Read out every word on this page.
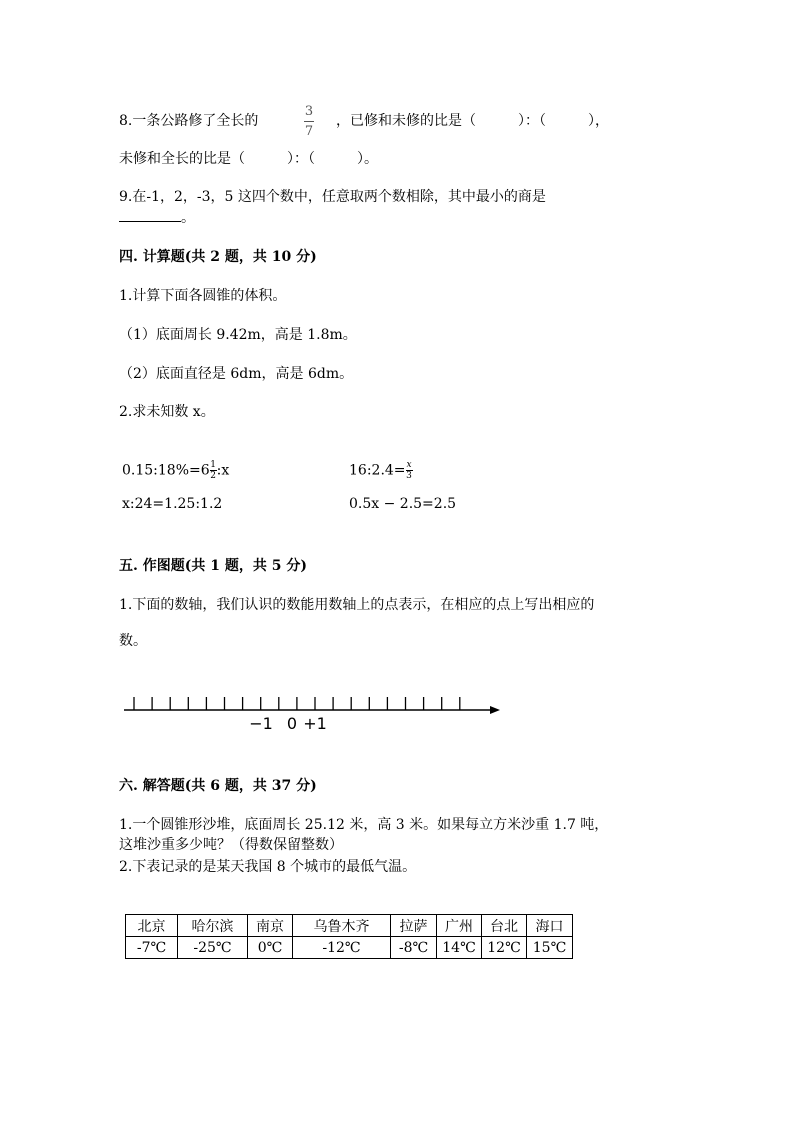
8.一条公路修了全长的
3
7
，已修和未修的比是（　　　）：（　　　），
未修和全长的比是（　　　）：（　　　）。
9.在-1，2，-3，5 这四个数中，任意取两个数相除，其中最小的商是
。
四. 计算题(共 2 题，共 10 分)
1.计算下面各圆锥的体积。
（1）底面周长 9.42m，高是 1.8m。
（2）底面直径是 6dm，高是 6dm。
2.求未知数 x。
0.15:18%=6 $\frac{1}{2}$ :x	16:2.4= $\frac{x}{3}$
x:24=1.25:1.2	0.5x − 2.5=2.5
五. 作图题(共 1 题，共 5 分)
1.下面的数轴，我们认识的数能用数轴上的点表示，在相应的点上写出相应的
数。
−1 0 +1
六. 解答题(共 6 题，共 37 分)
1.一个圆锥形沙堆，底面周长 25.12 米，高 3 米。如果每立方米沙重 1.7 吨，
这堆沙重多少吨？（得数保留整数）
2.下表记录的是某天我国 8 个城市的最低气温。
北京	哈尔滨	南京	乌鲁木齐	拉萨	广州	台北	海口
-7℃	-25℃	0℃	-12℃	-8℃	14℃	12℃	15℃
